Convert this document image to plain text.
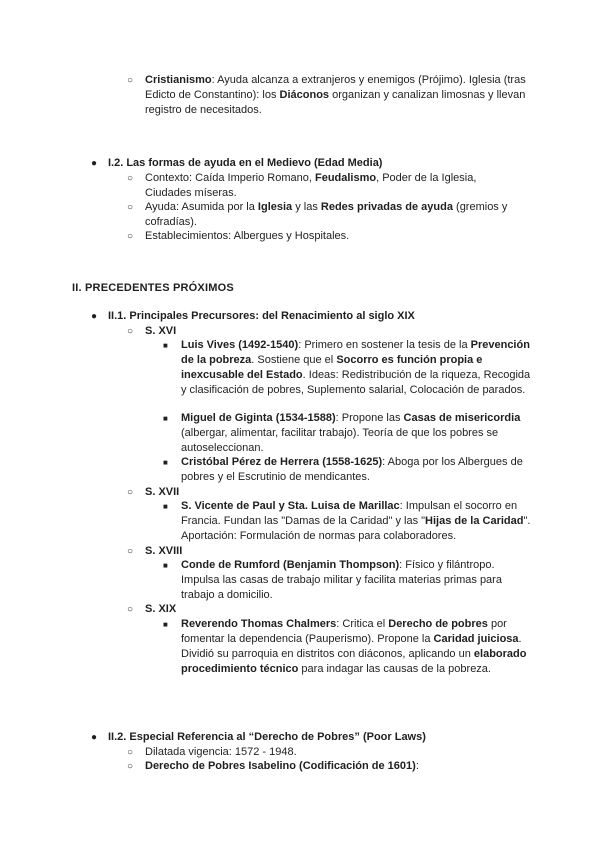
○ Cristianismo: Ayuda alcanza a extranjeros y enemigos (Prójimo). Iglesia (tras Edicto de Constantino): los Diáconos organizan y canalizan limosnas y llevan registro de necesitados.
● I.2. Las formas de ayuda en el Medievo (Edad Media)
○ Contexto: Caída Imperio Romano, Feudalismo, Poder de la Iglesia, Ciudades míseras.
○ Ayuda: Asumida por la Iglesia y las Redes privadas de ayuda (gremios y cofradías).
○ Establecimientos: Albergues y Hospitales.
II. PRECEDENTES PRÓXIMOS
● II.1. Principales Precursores: del Renacimiento al siglo XIX
○ S. XVI
■ Luis Vives (1492-1540): Primero en sostener la tesis de la Prevención de la pobreza. Sostiene que el Socorro es función propia e inexcusable del Estado. Ideas: Redistribución de la riqueza, Recogida y clasificación de pobres, Suplemento salarial, Colocación de parados.
■ Miguel de Giginta (1534-1588): Propone las Casas de misericordia (albergar, alimentar, facilitar trabajo). Teoría de que los pobres se autoseleccionan.
■ Cristóbal Pérez de Herrera (1558-1625): Aboga por los Albergues de pobres y el Escrutinio de mendicantes.
○ S. XVII
■ S. Vicente de Paul y Sta. Luisa de Marillac: Impulsan el socorro en Francia. Fundan las "Damas de la Caridad" y las "Hijas de la Caridad". Aportación: Formulación de normas para colaboradores.
○ S. XVIII
■ Conde de Rumford (Benjamin Thompson): Físico y filántropo. Impulsa las casas de trabajo militar y facilita materias primas para trabajo a domicilio.
○ S. XIX
■ Reverendo Thomas Chalmers: Critica el Derecho de pobres por fomentar la dependencia (Pauperismo). Propone la Caridad juiciosa. Dividió su parroquia en distritos con diáconos, aplicando un elaborado procedimiento técnico para indagar las causas de la pobreza.
● II.2. Especial Referencia al “Derecho de Pobres” (Poor Laws)
○ Dilatada vigencia: 1572 - 1948.
○ Derecho de Pobres Isabelino (Codificación de 1601):
